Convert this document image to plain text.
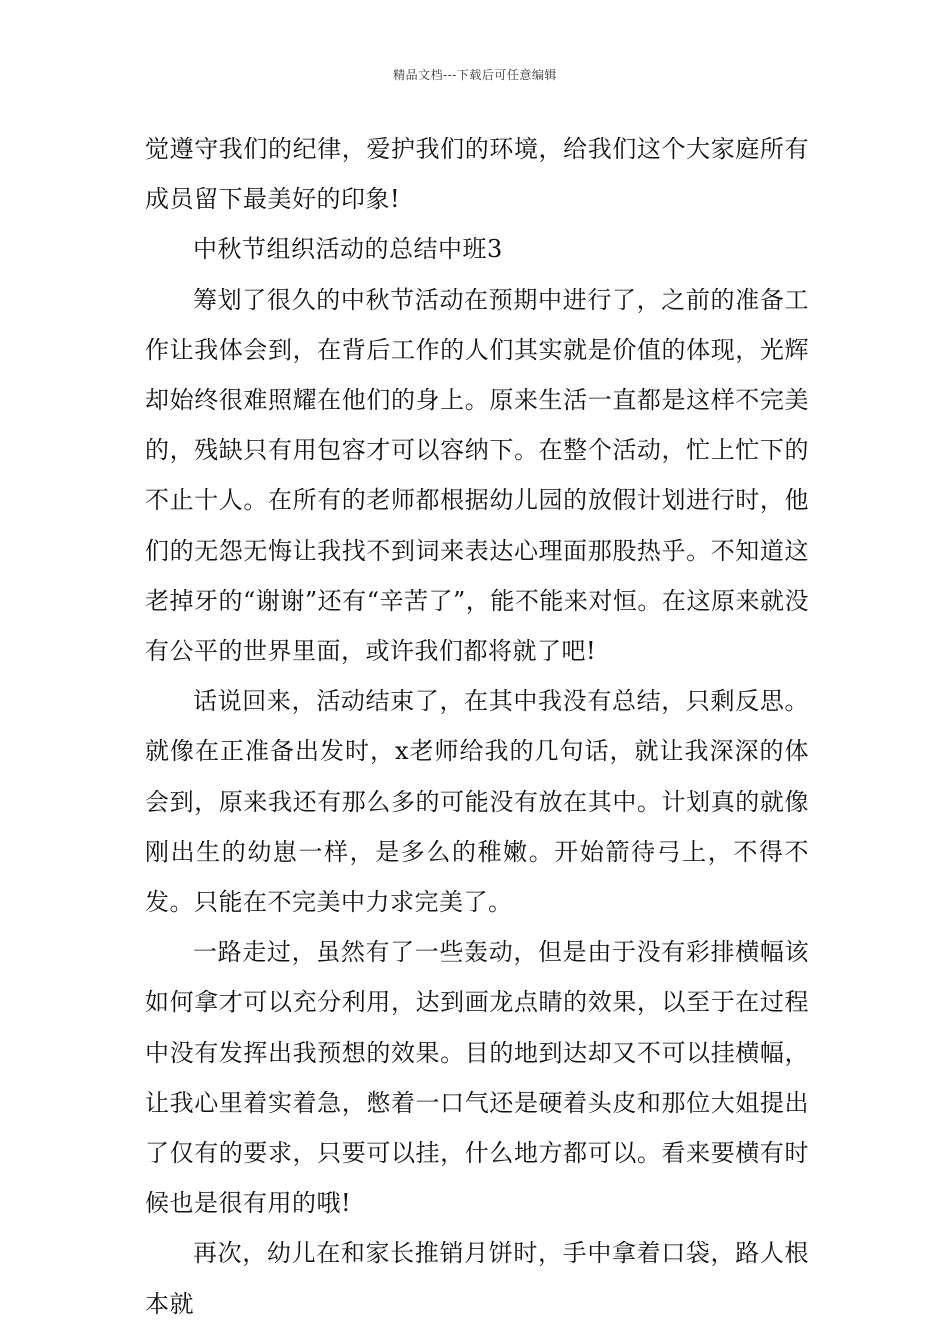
精品文档---下载后可任意编辑

觉遵守我们的纪律，爱护我们的环境，给我们这个大家庭所有成员留下最美好的印象!

中秋节组织活动的总结中班3

筹划了很久的中秋节活动在预期中进行了，之前的准备工作让我体会到，在背后工作的人们其实就是价值的体现，光辉却始终很难照耀在他们的身上。原来生活一直都是这样不完美的，残缺只有用包容才可以容纳下。在整个活动，忙上忙下的不止十人。在所有的老师都根据幼儿园的放假计划进行时，他们的无怨无悔让我找不到词来表达心理面那股热乎。不知道这老掉牙的“谢谢”还有“辛苦了”，能不能来对恒。在这原来就没有公平的世界里面，或许我们都将就了吧!

话说回来，活动结束了，在其中我没有总结，只剩反思。就像在正准备出发时，x老师给我的几句话，就让我深深的体会到，原来我还有那么多的可能没有放在其中。计划真的就像刚出生的幼崽一样，是多么的稚嫩。开始箭待弓上，不得不发。只能在不完美中力求完美了。

一路走过，虽然有了一些轰动，但是由于没有彩排横幅该如何拿才可以充分利用，达到画龙点睛的效果，以至于在过程中没有发挥出我预想的效果。目的地到达却又不可以挂横幅，让我心里着实着急，憋着一口气还是硬着头皮和那位大姐提出了仅有的要求，只要可以挂，什么地方都可以。看来要横有时候也是很有用的哦!

再次，幼儿在和家长推销月饼时，手中拿着口袋，路人根本就
